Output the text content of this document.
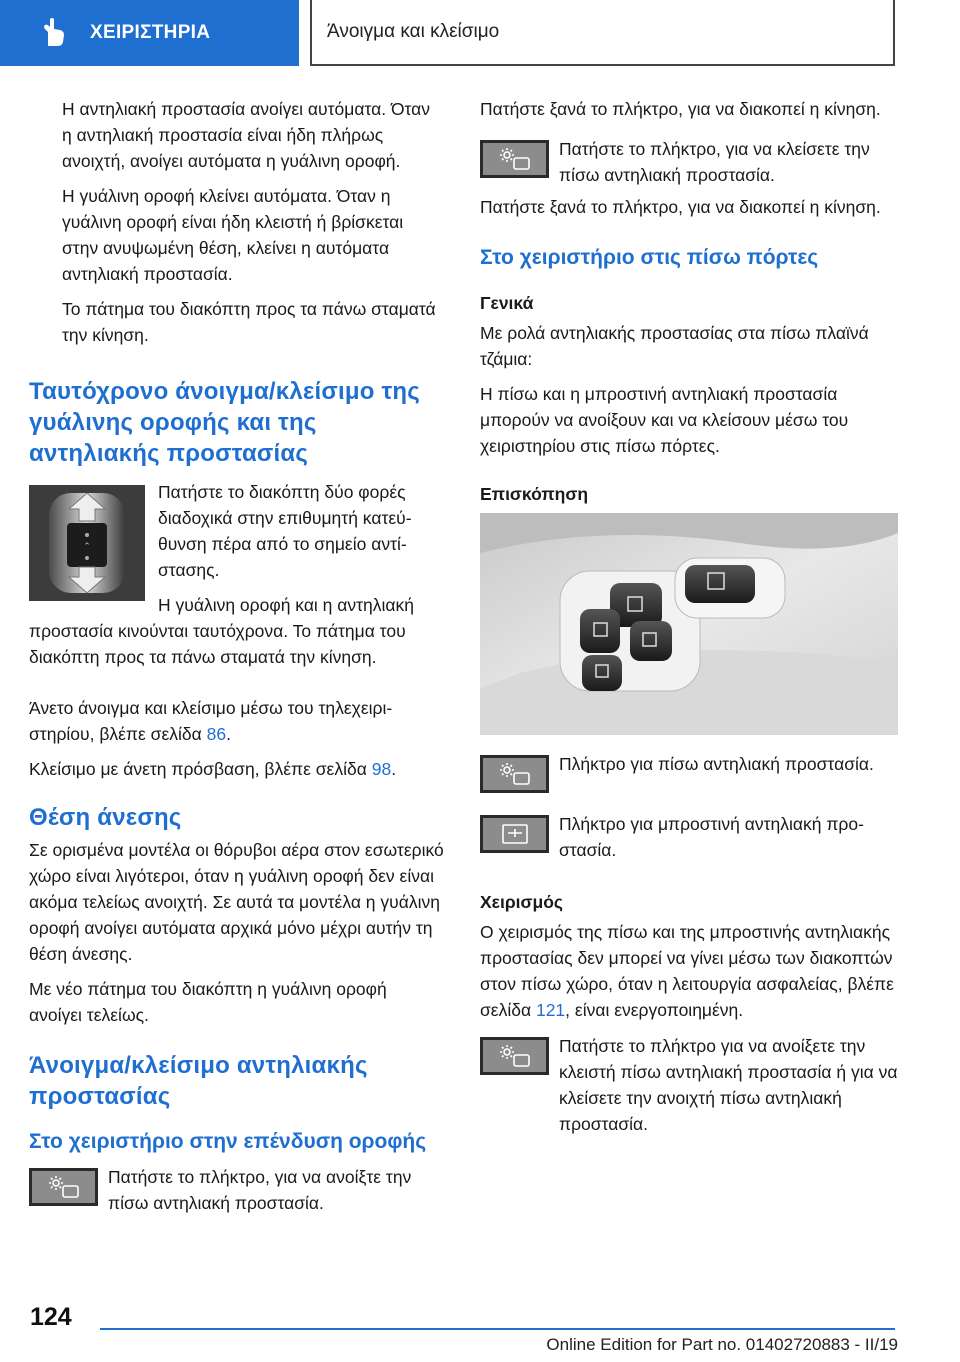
ΧΕΙΡΙΣΤΗΡΙΑ	Άνοιγμα και κλείσιμο

Η αντηλιακή προστασία ανοίγει αυτόματα. Όταν η αντηλιακή προστασία είναι ήδη πλήρως ανοιχτή, ανοίγει αυτόματα η γυάλινη οροφή.

Η γυάλινη οροφή κλείνει αυτόματα. Όταν η γυάλινη οροφή είναι ήδη κλειστή ή βρίσκεται στην ανυψωμένη θέση, κλείνει η αυτόματα αντηλιακή προστασία.

Το πάτημα του διακόπτη προς τα πάνω σταματά την κίνηση.

Ταυτόχρονο άνοιγμα/κλείσιμο της γυάλινης οροφής και της αντηλιακής προστασίας
⌃

Πατήστε το διακόπτη δύο φορές διαδοχικά στην επιθυμητή κατεύθυνση πέρα από το σημείο αντίστασης.

Η γυάλινη οροφή και η αντηλιακή προστασία κινούνται ταυτόχρονα. Το πάτημα του διακόπτη προς τα πάνω σταματά την κίνηση.

Άνετο άνοιγμα και κλείσιμο μέσω του τηλεχειριστηρίου, βλέπε σελίδα 86.

Κλείσιμο με άνετη πρόσβαση, βλέπε σελίδα 98.

Θέση άνεσης

Σε ορισμένα μοντέλα οι θόρυβοι αέρα στον εσωτερικό χώρο είναι λιγότεροι, όταν η γυάλινη οροφή δεν είναι ακόμα τελείως ανοιχτή. Σε αυτά τα μοντέλα η γυάλινη οροφή ανοίγει αυτόματα αρχικά μόνο μέχρι αυτήν τη θέση άνεσης.

Με νέο πάτημα του διακόπτη η γυάλινη οροφή ανοίγει τελείως.

Άνοιγμα/κλείσιμο αντηλιακής προστασίας
Στο χειριστήριο στην επένδυση οροφής

Πατήστε το πλήκτρο, για να ανοίξτε την πίσω αντηλιακή προστασία.

Πατήστε ξανά το πλήκτρο, για να διακοπεί η κίνηση.

Πατήστε το πλήκτρο, για να κλείσετε την πίσω αντηλιακή προστασία.

Πατήστε ξανά το πλήκτρο, για να διακοπεί η κίνηση.

Στο χειριστήριο στις πίσω πόρτες
Γενικά

Με ρολά αντηλιακής προστασίας στα πίσω πλαϊνά τζάμια:

Η πίσω και η μπροστινή αντηλιακή προστασία μπορούν να ανοίξουν και να κλείσουν μέσω του χειριστηρίου στις πίσω πόρτες.

Επισκόπηση

Πλήκτρο για πίσω αντηλιακή προστασία.

Πλήκτρο για μπροστινή αντηλιακή προστασία.

Χειρισμός

Ο χειρισμός της πίσω και της μπροστινής αντηλιακής προστασίας δεν μπορεί να γίνει μέσω των διακοπτών στον πίσω χώρο, όταν η λειτουργία ασφαλείας, βλέπε σελίδα 121, είναι ενεργοποιημένη.

Πατήστε το πλήκτρο για να ανοίξετε την κλειστή πίσω αντηλιακή προστασία ή για να κλείσετε την ανοιχτή πίσω αντηλιακή προστασία.

124
Online Edition for Part no. 01402720883 - II/19
